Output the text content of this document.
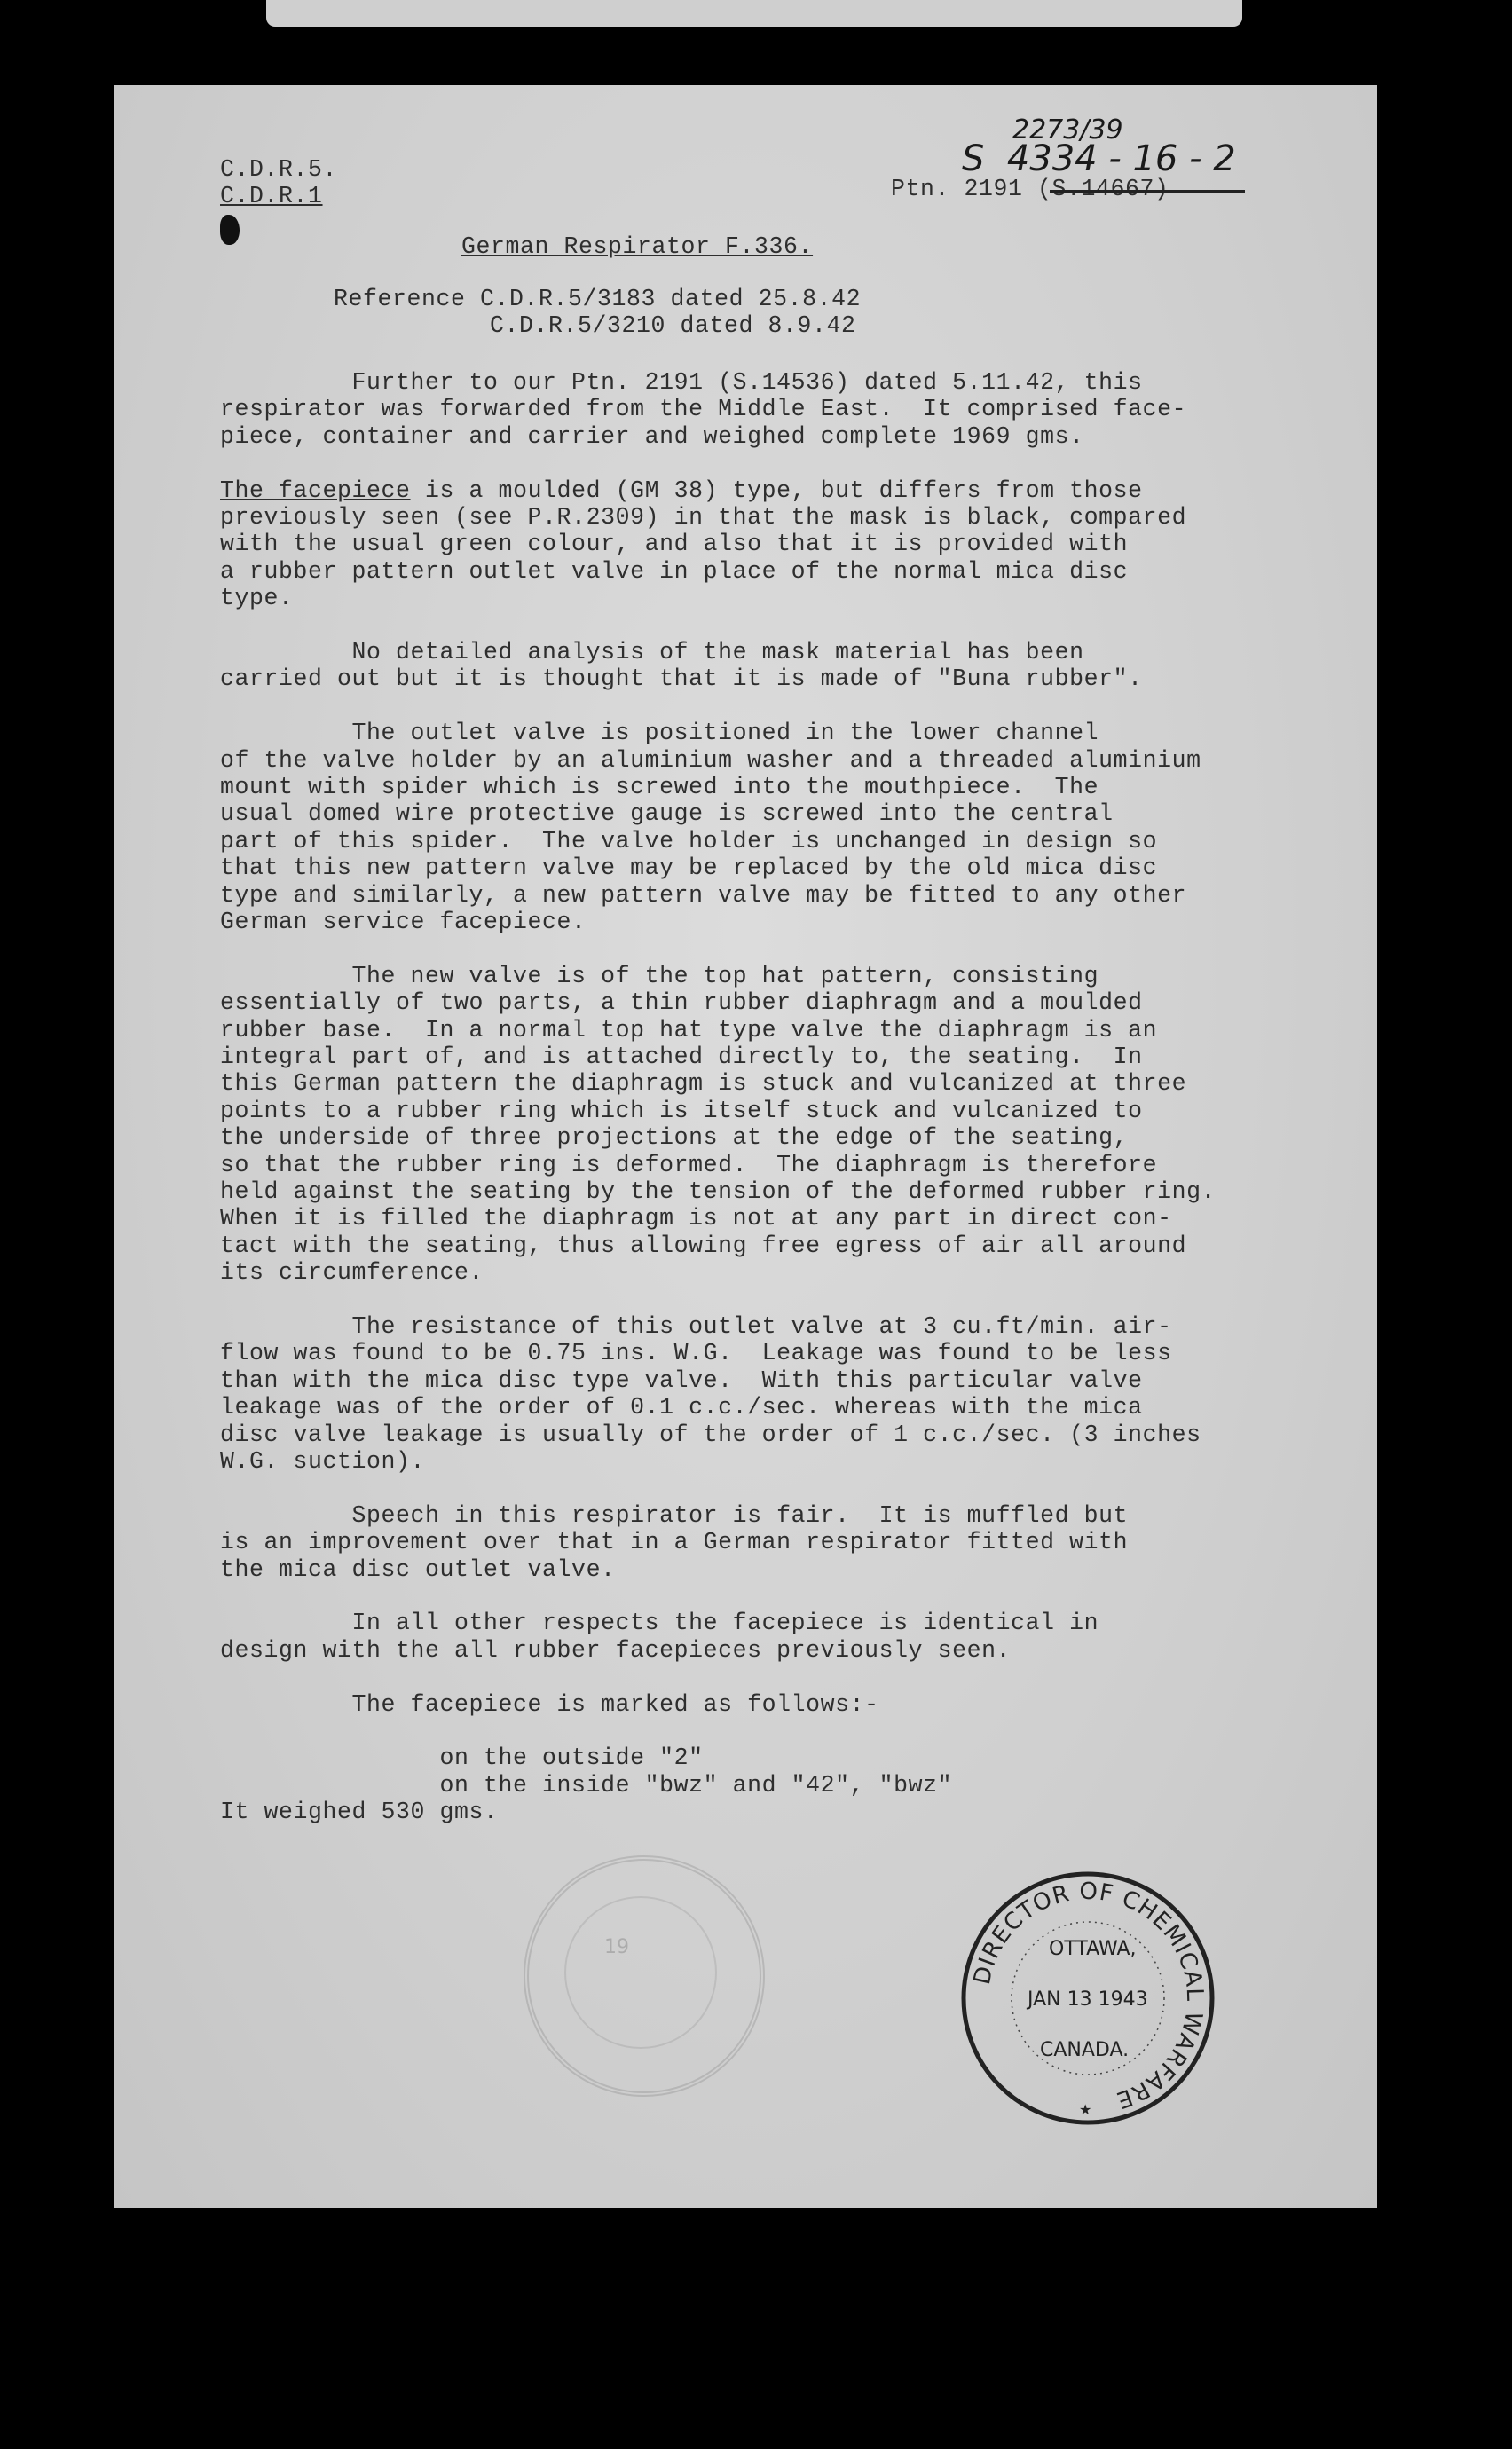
C.D.R.5.
C.D.R.1
2273/39
S  4334 - 16 - 2
Ptn. 2191 (S.14667)
German Respirator F.336.
Reference C.D.R.5/3183 dated 25.8.42
C.D.R.5/3210 dated 8.9.42
Further to our Ptn. 2191 (S.14536) dated 5.11.42, this
respirator was forwarded from the Middle East.  It comprised face-
piece, container and carrier and weighed complete 1969 gms.
The facepiece is a moulded (GM 38) type, but differs from those
previously seen (see P.R.2309) in that the mask is black, compared
with the usual green colour, and also that it is provided with
a rubber pattern outlet valve in place of the normal mica disc
type.
No detailed analysis of the mask material has been
carried out but it is thought that it is made of "Buna rubber".
The outlet valve is positioned in the lower channel
of the valve holder by an aluminium washer and a threaded aluminium
mount with spider which is screwed into the mouthpiece.  The
usual domed wire protective gauge is screwed into the central
part of this spider.  The valve holder is unchanged in design so
that this new pattern valve may be replaced by the old mica disc
type and similarly, a new pattern valve may be fitted to any other
German service facepiece.
The new valve is of the top hat pattern, consisting
essentially of two parts, a thin rubber diaphragm and a moulded
rubber base.  In a normal top hat type valve the diaphragm is an
integral part of, and is attached directly to, the seating.  In
this German pattern the diaphragm is stuck and vulcanized at three
points to a rubber ring which is itself stuck and vulcanized to
the underside of three projections at the edge of the seating,
so that the rubber ring is deformed.  The diaphragm is therefore
held against the seating by the tension of the deformed rubber ring.
When it is filled the diaphragm is not at any part in direct con-
tact with the seating, thus allowing free egress of air all around
its circumference.
The resistance of this outlet valve at 3 cu.ft/min. air-
flow was found to be 0.75 ins. W.G.  Leakage was found to be less
than with the mica disc type valve.  With this particular valve
leakage was of the order of 0.1 c.c./sec. whereas with the mica
disc valve leakage is usually of the order of 1 c.c./sec. (3 inches
W.G. suction).
Speech in this respirator is fair.  It is muffled but
is an improvement over that in a German respirator fitted with
the mica disc outlet valve.
In all other respects the facepiece is identical in
design with the all rubber facepieces previously seen.
The facepiece is marked as follows:-
on the outside "2"
on the inside "bwz" and "42", "bwz"
It weighed 530 gms.
19
DIRECTOR OF CHEMICAL WARFARE
OTTAWA,
JAN 13 1943
CANADA.
★
